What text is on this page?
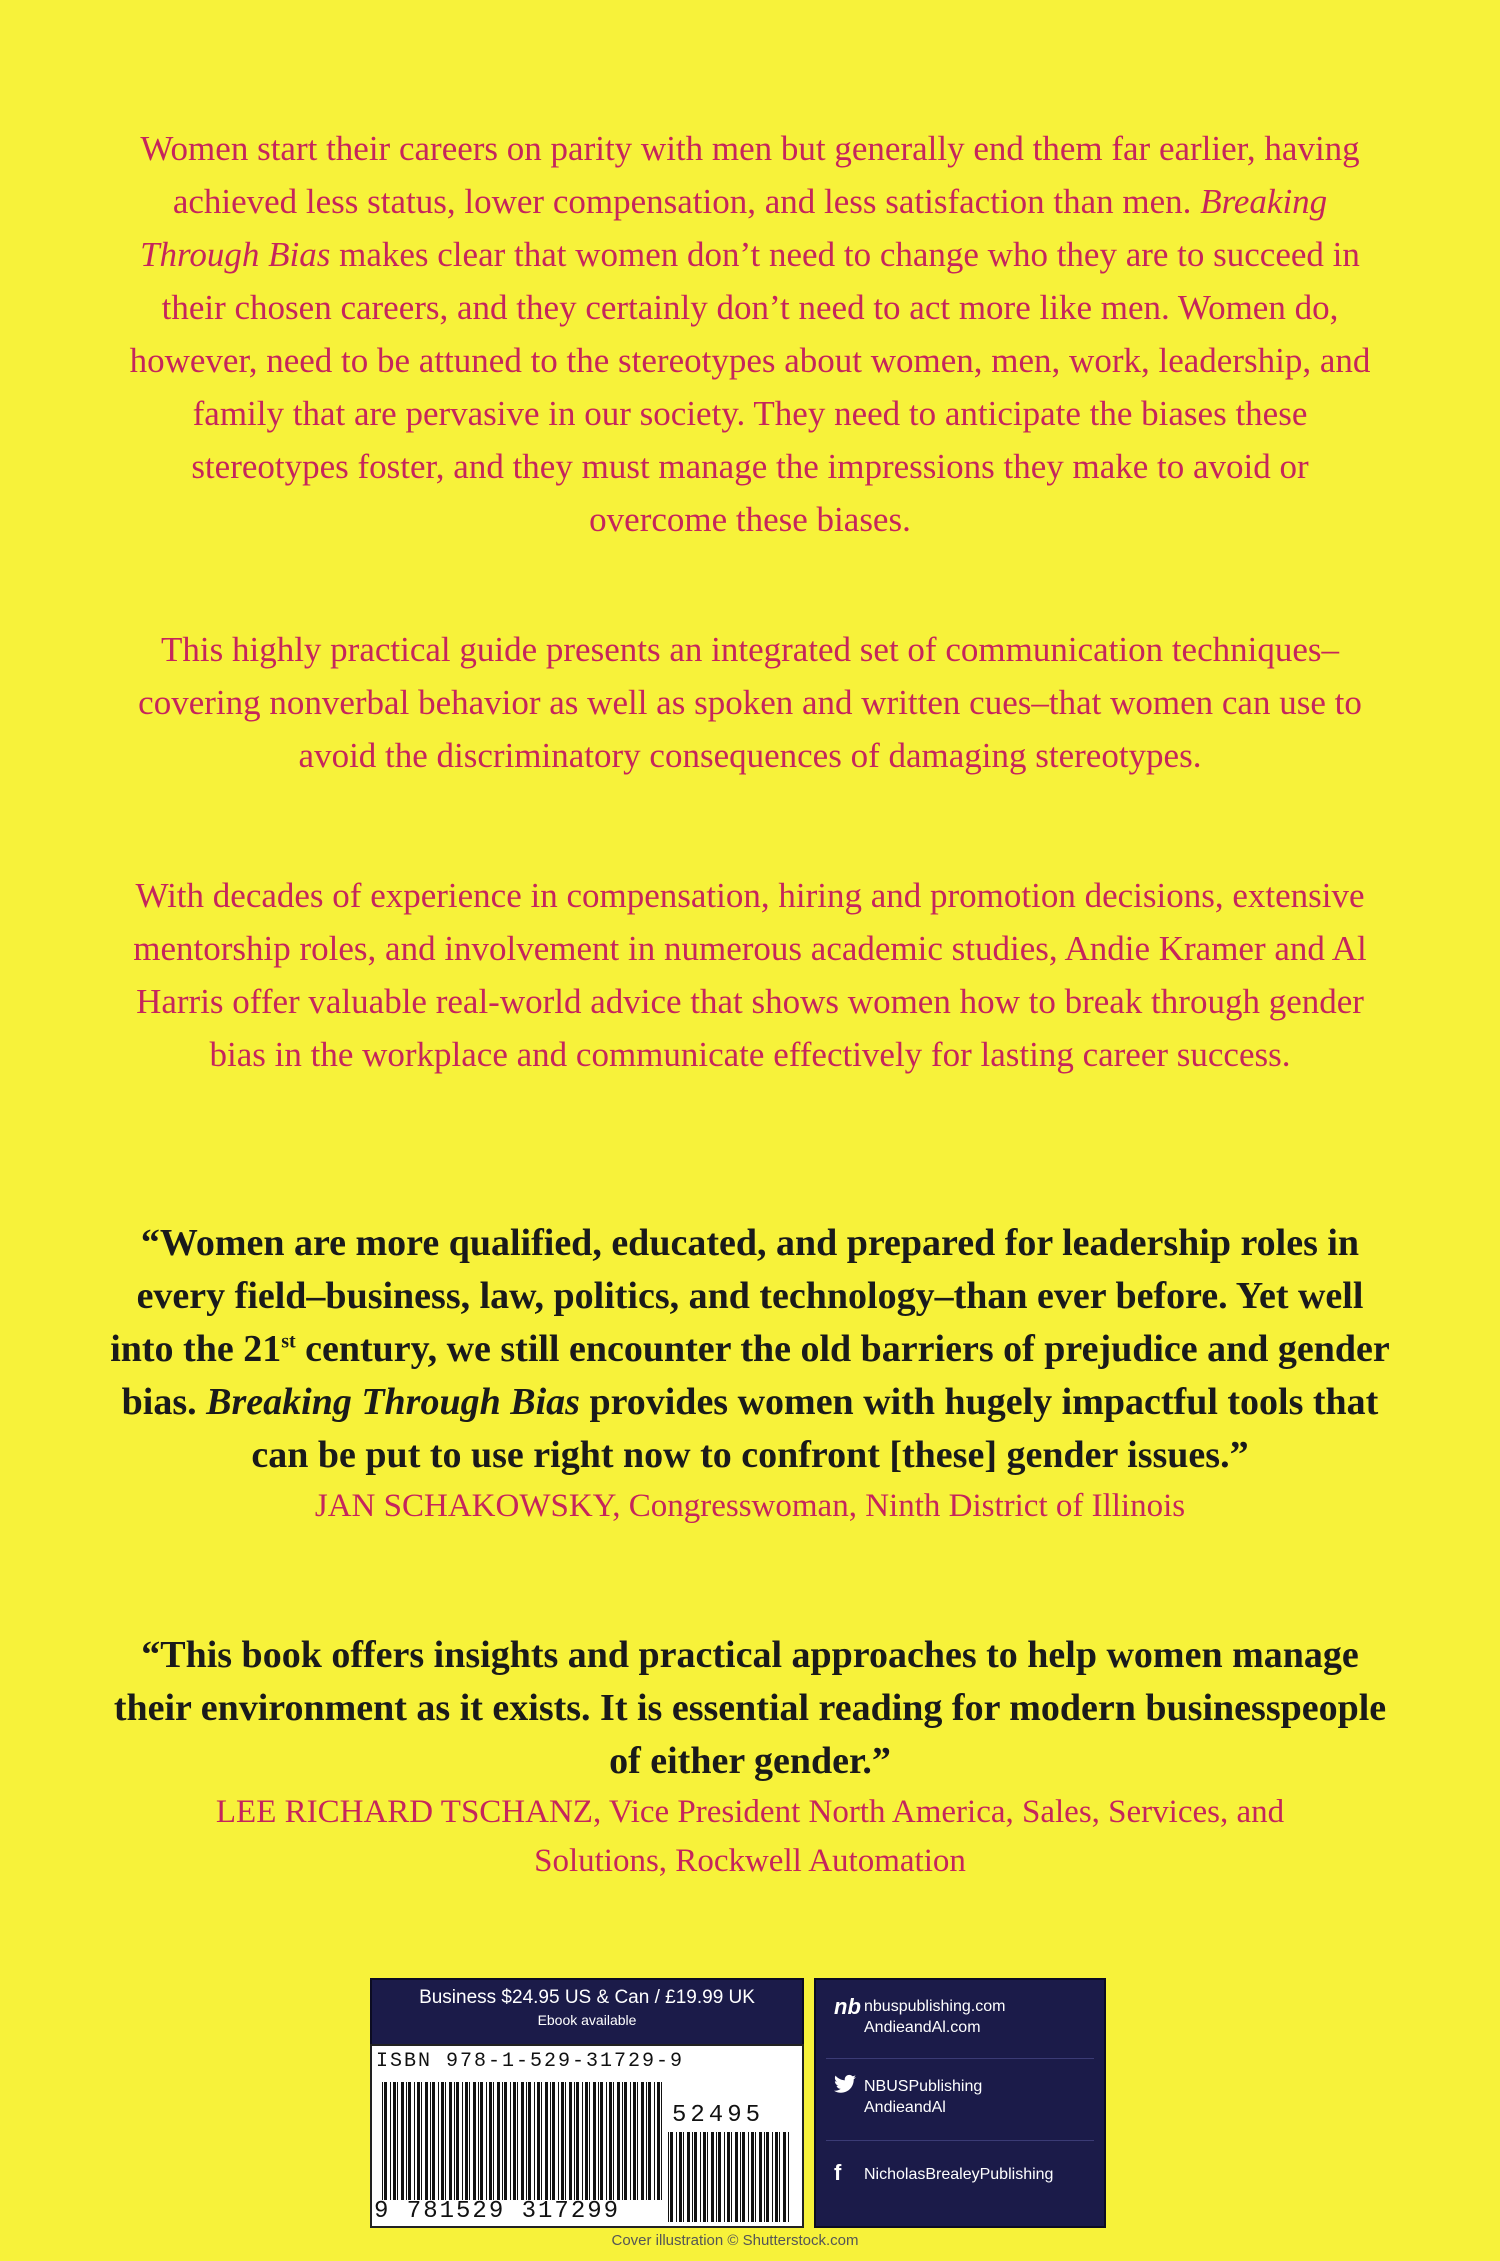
Women start their careers on parity with men but generally end them far earlier, having achieved less status, lower compensation, and less satisfaction than men. Breaking Through Bias makes clear that women don’t need to change who they are to succeed in their chosen careers, and they certainly don’t need to act more like men. Women do, however, need to be attuned to the stereotypes about women, men, work, leadership, and family that are pervasive in our society. They need to anticipate the biases these stereotypes foster, and they must manage the impressions they make to avoid or overcome these biases.

This highly practical guide presents an integrated set of communication techniques–covering nonverbal behavior as well as spoken and written cues–that women can use to avoid the discriminatory consequences of damaging stereotypes.

With decades of experience in compensation, hiring and promotion decisions, extensive mentorship roles, and involvement in numerous academic studies, Andie Kramer and Al Harris offer valuable real-world advice that shows women how to break through gender bias in the workplace and communicate effectively for lasting career success.

“Women are more qualified, educated, and prepared for leadership roles in every field–business, law, politics, and technology–than ever before. Yet well into the 21st century, we still encounter the old barriers of prejudice and gender bias. Breaking Through Bias provides women with hugely impactful tools that can be put to use right now to confront [these] gender issues.”

JAN SCHAKOWSKY, Congresswoman, Ninth District of Illinois

“This book offers insights and practical approaches to help women manage their environment as it exists. It is essential reading for modern businesspeople of either gender.”

LEE RICHARD TSCHANZ, Vice President North America, Sales, Services, and Solutions, Rockwell Automation

Business $24.95 US & Can / £19.99 UK
Ebook available
ISBN 978-1-529-31729-9
52495
9 781529 317299
nb nbuspublishing.com
AndieandAl.com
NBUSPublishing
AndieandAl
f	NicholasBrealeyPublishing
Cover illustration © Shutterstock.com
